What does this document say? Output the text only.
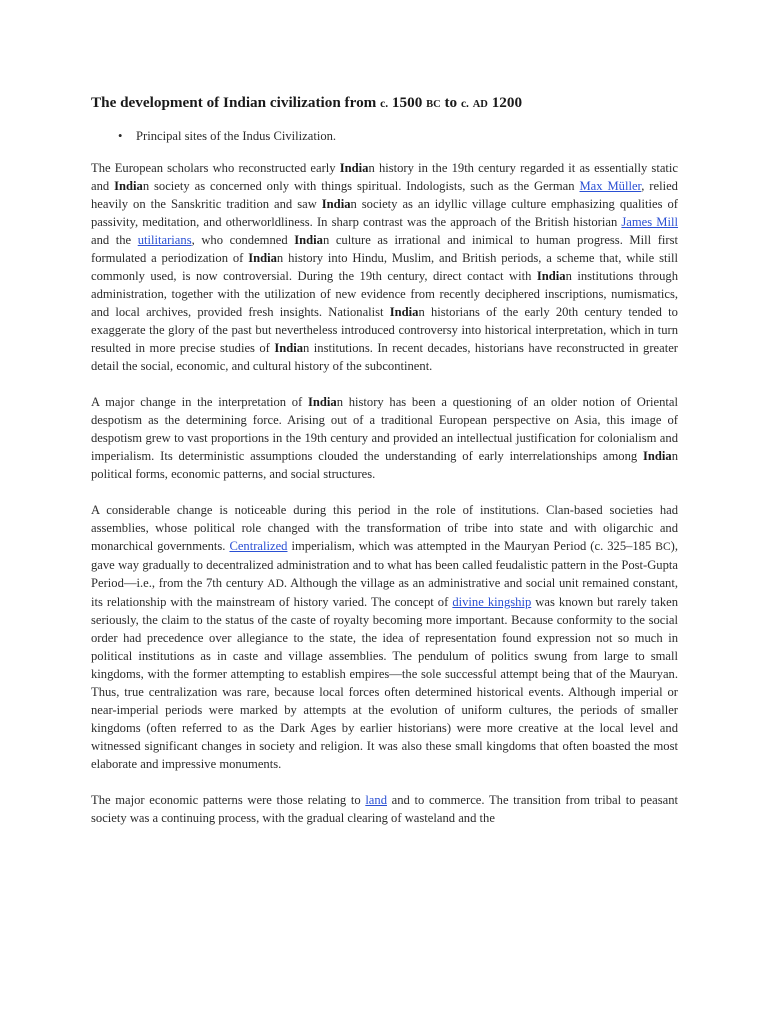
The development of Indian civilization from c. 1500 BC to c. AD 1200
• Principal sites of the Indus Civilization.

The European scholars who reconstructed early Indian history in the 19th century regarded it as essentially static and Indian society as concerned only with things spiritual. Indologists, such as the German Max Müller, relied heavily on the Sanskritic tradition and saw Indian society as an idyllic village culture emphasizing qualities of passivity, meditation, and otherworldliness. In sharp contrast was the approach of the British historian James Mill and the utilitarians, who condemned Indian culture as irrational and inimical to human progress. Mill first formulated a periodization of Indian history into Hindu, Muslim, and British periods, a scheme that, while still commonly used, is now controversial. During the 19th century, direct contact with Indian institutions through administration, together with the utilization of new evidence from recently deciphered inscriptions, numismatics, and local archives, provided fresh insights. Nationalist Indian historians of the early 20th century tended to exaggerate the glory of the past but nevertheless introduced controversy into historical interpretation, which in turn resulted in more precise studies of Indian institutions. In recent decades, historians have reconstructed in greater detail the social, economic, and cultural history of the subcontinent.

A major change in the interpretation of Indian history has been a questioning of an older notion of Oriental despotism as the determining force. Arising out of a traditional European perspective on Asia, this image of despotism grew to vast proportions in the 19th century and provided an intellectual justification for colonialism and imperialism. Its deterministic assumptions clouded the understanding of early interrelationships among Indian political forms, economic patterns, and social structures.

A considerable change is noticeable during this period in the role of institutions. Clan-based societies had assemblies, whose political role changed with the transformation of tribe into state and with oligarchic and monarchical governments. Centralized imperialism, which was attempted in the Mauryan Period (c. 325–185 BC), gave way gradually to decentralized administration and to what has been called feudalistic pattern in the Post-Gupta Period—i.e., from the 7th century AD. Although the village as an administrative and social unit remained constant, its relationship with the mainstream of history varied. The concept of divine kingship was known but rarely taken seriously, the claim to the status of the caste of royalty becoming more important. Because conformity to the social order had precedence over allegiance to the state, the idea of representation found expression not so much in political institutions as in caste and village assemblies. The pendulum of politics swung from large to small kingdoms, with the former attempting to establish empires—the sole successful attempt being that of the Mauryan. Thus, true centralization was rare, because local forces often determined historical events. Although imperial or near-imperial periods were marked by attempts at the evolution of uniform cultures, the periods of smaller kingdoms (often referred to as the Dark Ages by earlier historians) were more creative at the local level and witnessed significant changes in society and religion. It was also these small kingdoms that often boasted the most elaborate and impressive monuments.

The major economic patterns were those relating to land and to commerce. The transition from tribal to peasant society was a continuing process, with the gradual clearing of wasteland and the
